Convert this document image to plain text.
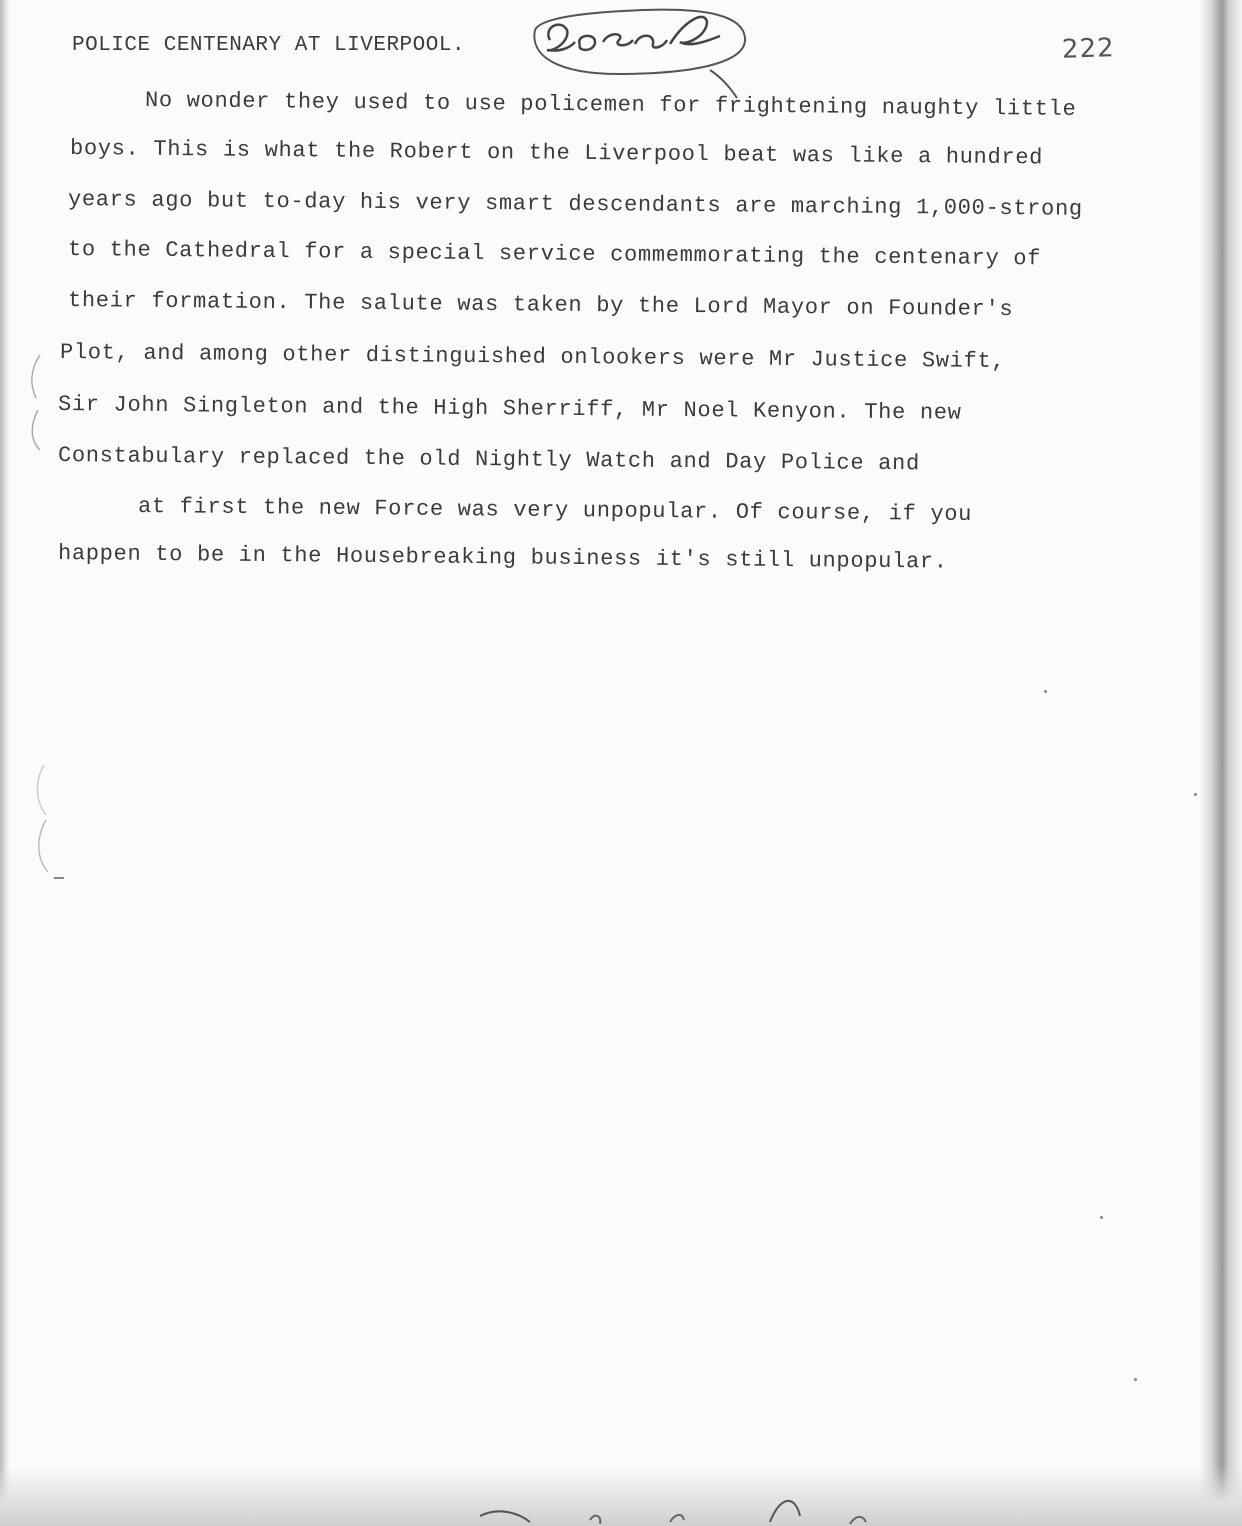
POLICE CENTENARY AT LIVERPOOL.
Local
222
No wonder they used to use policemen for frightening naughty little
boys. This is what the Robert on the Liverpool beat was like a hundred
years ago but to-day his very smart descendants are marching 1,000-strong
to the Cathedral for a special service commemmorating the centenary of
their formation. The salute was taken by the Lord Mayor on Founder's
Plot, and among other distinguished onlookers were Mr Justice Swift,
Sir John Singleton and the High Sherriff, Mr Noel Kenyon. The new
Constabulary replaced the old Nightly Watch and Day Police and
at first the new Force was very unpopular. Of course, if you
happen to be in the Housebreaking business it's still unpopular.
